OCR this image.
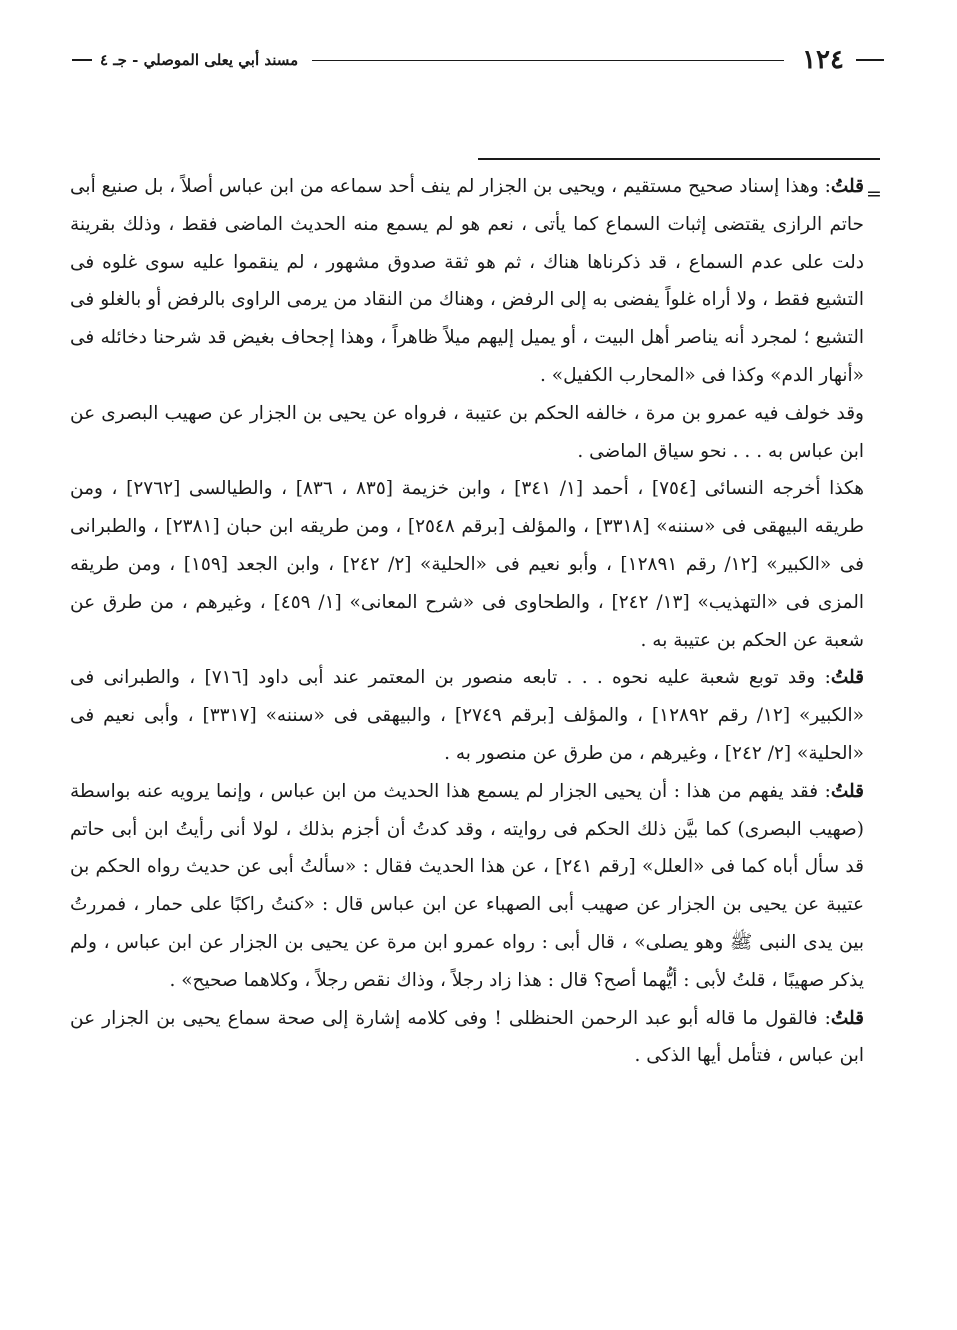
١٢٤
مسند أبي يعلى الموصلي - جـ ٤
=

قلتُ: وهذا إسناد صحيح مستقيم ، ويحيى بن الجزار لم ينف أحد سماعه من ابن عباس أصلاً ، بل صنيع أبى حاتم الرازى يقتضى إثبات السماع كما يأتى ، نعم هو لم يسمع منه الحديث الماضى فقط ، وذلك بقرينة دلت على عدم السماع ، قد ذكرناها هناك ، ثم هو ثقة صدوق مشهور ، لم ينقموا عليه سوى غلوه فى التشيع فقط ، ولا أراه غلواً يفضى به إلى الرفض ، وهناك من النقاد من يرمى الراوى بالرفض أو بالغلو فى التشيع ؛ لمجرد أنه يناصر أهل البيت ، أو يميل إليهم ميلاً ظاهراً ، وهذا إجحاف بغيض قد شرحنا دخائله فى «أنهار الدم» وكذا فى «المحارب الكفيل» .

وقد خولف فيه عمرو بن مرة ، خالفه الحكم بن عتيبة ، فرواه عن يحيى بن الجزار عن صهيب البصرى عن ابن عباس به . . . نحو سياق الماضى .

هكذا أخرجه النسائى [٧٥٤] ، أحمد [١/ ٣٤١] ، وابن خزيمة [٨٣٥ ، ٨٣٦] ، والطيالسى [٢٧٦٢] ، ومن طريقه البيهقى فى «سننه» [٣٣١٨] ، والمؤلف [برقم ٢٥٤٨] ، ومن طريقه ابن حبان [٢٣٨١] ، والطبرانى فى «الكبير» [١٢/ رقم ١٢٨٩١] ، وأبو نعيم فى «الحلية» [٢/ ٢٤٢] ، وابن الجعد [١٥٩] ، ومن طريقه المزى فى «التهذيب» [١٣/ ٢٤٢] ، والطحاوى فى «شرح المعانى» [١/ ٤٥٩] ، وغيرهم ، من طرق عن شعبة عن الحكم بن عتيبة به .

قلتُ: وقد توبع شعبة عليه نحوه . . . تابعه منصور بن المعتمر عند أبى داود [٧١٦] ، والطبرانى فى «الكبير» [١٢/ رقم ١٢٨٩٢] ، والمؤلف [برقم ٢٧٤٩] ، والبيهقى فى «سننه» [٣٣١٧] ، وأبى نعيم فى «الحلية» [٢/ ٢٤٢] ، وغيرهم ، من طرق عن منصور به .

قلتُ: فقد يفهم من هذا : أن يحيى الجزار لم يسمع هذا الحديث من ابن عباس ، وإنما يرويه عنه بواسطة (صهيب البصرى) كما بيَّن ذلك الحكم فى روايته ، وقد كدتُ أن أجزم بذلك ، لولا أنى رأيتُ ابن أبى حاتم قد سأل أباه كما فى «العلل» [رقم ٢٤١] ، عن هذا الحديث فقال : «سألتُ أبى عن حديث رواه الحكم بن عتيبة عن يحيى بن الجزار عن صهيب أبى الصهباء عن ابن عباس قال : «كنتُ راكبًا على حمار ، فمررتُ بين يدى النبى ﷺ وهو يصلى» ، قال أبى : رواه عمرو ابن مرة عن يحيى بن الجزار عن ابن عباس ، ولم يذكر صهيبًا ، قلتُ لأبى : أيُّهما أصح؟ قال : هذا زاد رجلاً ، وذاك نقص رجلاً ، وكلاهما صحيح» .

قلتُ: فالقول ما قاله أبو عبد الرحمن الحنظلى ! وفى كلامه إشارة إلى صحة سماع يحيى بن الجزار عن ابن عباس ، فتأمل أيها الذكى .
